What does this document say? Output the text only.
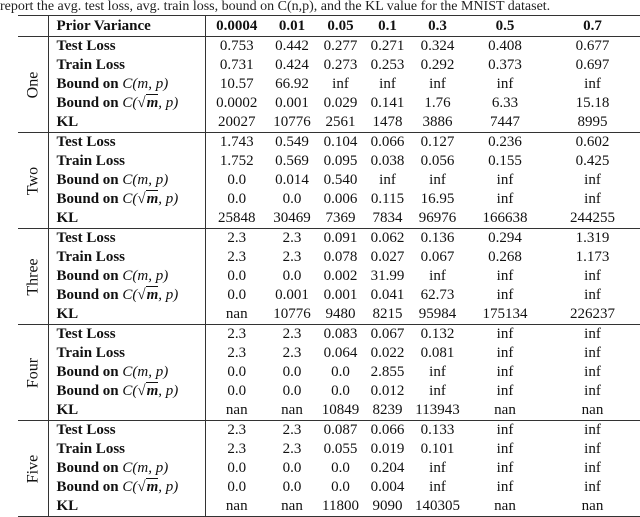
report the avg. test loss, avg. train loss, bound on C(n,p), and the KL value for the MNIST dataset.
	Prior Variance	0.0004	0.01	0.05	0.1	0.3	0.5	0.7

One	Test Loss	0.753	0.442	0.277	0.271	0.324	0.408	0.677
	Train Loss	0.731	0.424	0.273	0.253	0.292	0.373	0.697
	Bound on C(m, p)	10.57	66.92	inf	inf	inf	inf	inf
	Bound on C(√m, p)	0.0002	0.001	0.029	0.141	1.76	6.33	15.18
	KL	20027	10776	2561	1478	3886	7447	8995

Two	Test Loss	1.743	0.549	0.104	0.066	0.127	0.236	0.602
	Train Loss	1.752	0.569	0.095	0.038	0.056	0.155	0.425
	Bound on C(m, p)	0.0	0.014	0.540	inf	inf	inf	inf
	Bound on C(√m, p)	0.0	0.0	0.006	0.115	16.95	inf	inf
	KL	25848	30469	7369	7834	96976	166638	244255

Three	Test Loss	2.3	2.3	0.091	0.062	0.136	0.294	1.319
	Train Loss	2.3	2.3	0.078	0.027	0.067	0.268	1.173
	Bound on C(m, p)	0.0	0.0	0.002	31.99	inf	inf	inf
	Bound on C(√m, p)	0.0	0.001	0.001	0.041	62.73	inf	inf
	KL	nan	10776	9480	8215	95984	175134	226237

Four	Test Loss	2.3	2.3	0.083	0.067	0.132	inf	inf
	Train Loss	2.3	2.3	0.064	0.022	0.081	inf	inf
	Bound on C(m, p)	0.0	0.0	0.0	2.855	inf	inf	inf
	Bound on C(√m, p)	0.0	0.0	0.0	0.012	inf	inf	inf
	KL	nan	nan	10849	8239	113943	nan	nan

Five	Test Loss	2.3	2.3	0.087	0.066	0.133	inf	inf
	Train Loss	2.3	2.3	0.055	0.019	0.101	inf	inf
	Bound on C(m, p)	0.0	0.0	0.0	0.204	inf	inf	inf
	Bound on C(√m, p)	0.0	0.0	0.0	0.004	inf	inf	inf
	KL	nan	nan	11800	9090	140305	nan	nan
